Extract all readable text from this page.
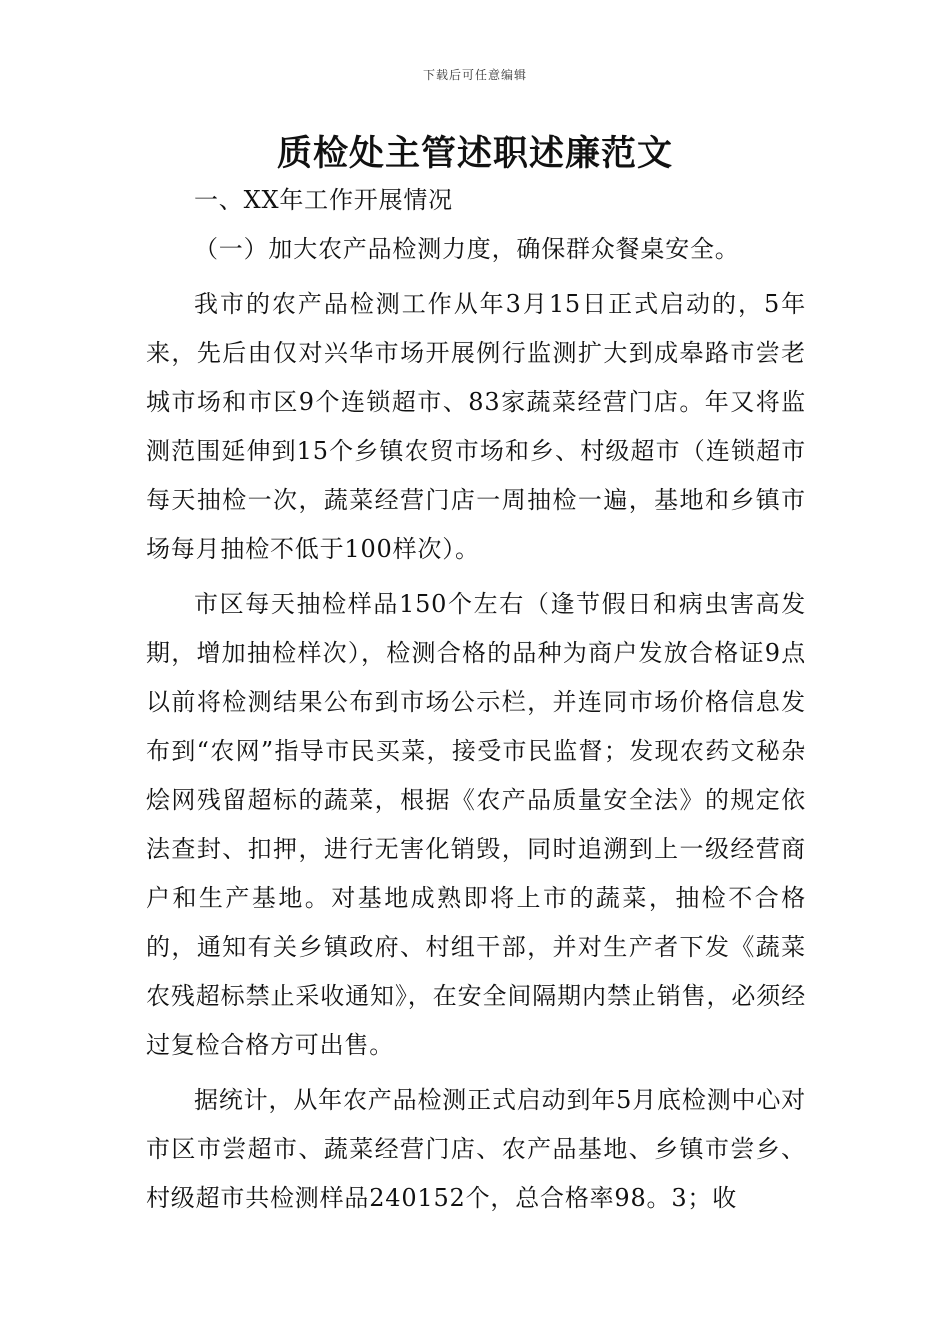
下载后可任意编辑
质检处主管述职述廉范文

一、XX年工作开展情况

（一）加大农产品检测力度，确保群众餐桌安全。

我市的农产品检测工作从年3月15日正式启动的，5年来，先后由仅对兴华市场开展例行监测扩大到成皋路市尝老城市场和市区9个连锁超市、83家蔬菜经营门店。年又将监测范围延伸到15个乡镇农贸市场和乡、村级超市（连锁超市每天抽检一次，蔬菜经营门店一周抽检一遍，基地和乡镇市场每月抽检不低于100样次）。

市区每天抽检样品150个左右（逢节假日和病虫害高发期，增加抽检样次），检测合格的品种为商户发放合格证9点以前将检测结果公布到市场公示栏，并连同市场价格信息发布到“农网”指导市民买菜，接受市民监督；发现农药文秘杂烩网残留超标的蔬菜，根据《农产品质量安全法》的规定依法查封、扣押，进行无害化销毁，同时追溯到上一级经营商户和生产基地。对基地成熟即将上市的蔬菜，抽检不合格的，通知有关乡镇政府、村组干部，并对生产者下发《蔬菜农残超标禁止采收通知》，在安全间隔期内禁止销售，必须经过复检合格方可出售。

据统计，从年农产品检测正式启动到年5月底检测中心对市区市尝超市、蔬菜经营门店、农产品基地、乡镇市尝乡、村级超市共检测样品240152个，总合格率98。3；收
